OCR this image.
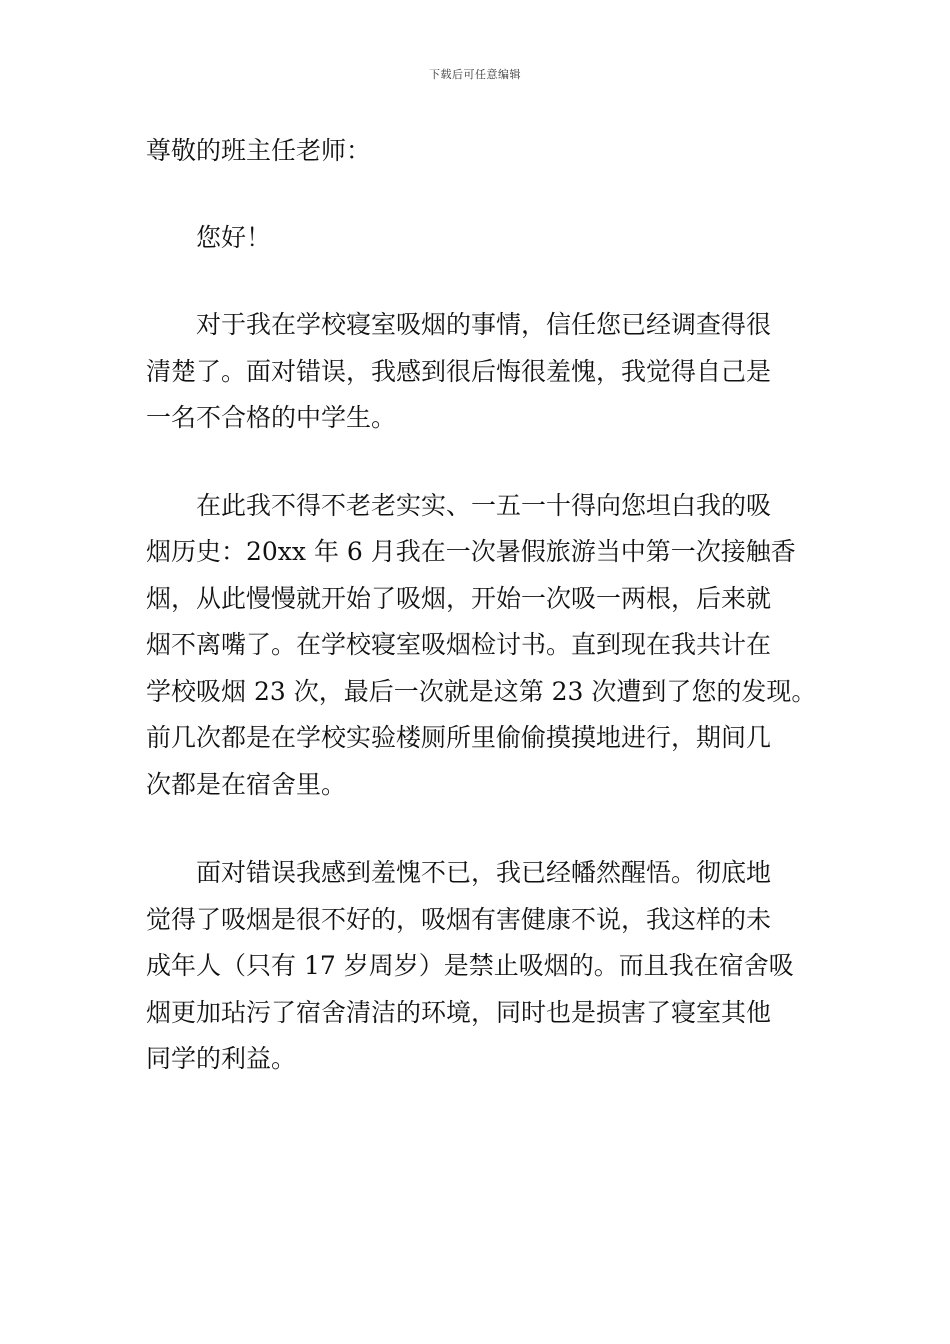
下载后可任意编辑
尊敬的班主任老师：
您好！
对于我在学校寝室吸烟的事情，信任您已经调查得很
清楚了。面对错误，我感到很后悔很羞愧，我觉得自己是
一名不合格的中学生。
在此我不得不老老实实、一五一十得向您坦白我的吸
烟历史：20xx 年 6 月我在一次暑假旅游当中第一次接触香
烟，从此慢慢就开始了吸烟，开始一次吸一两根，后来就
烟不离嘴了。在学校寝室吸烟检讨书。直到现在我共计在
学校吸烟 23 次，最后一次就是这第 23 次遭到了您的发现。
前几次都是在学校实验楼厕所里偷偷摸摸地进行，期间几
次都是在宿舍里。
面对错误我感到羞愧不已，我已经幡然醒悟。彻底地
觉得了吸烟是很不好的，吸烟有害健康不说，我这样的未
成年人（只有 17 岁周岁）是禁止吸烟的。而且我在宿舍吸
烟更加玷污了宿舍清洁的环境，同时也是损害了寝室其他
同学的利益。
